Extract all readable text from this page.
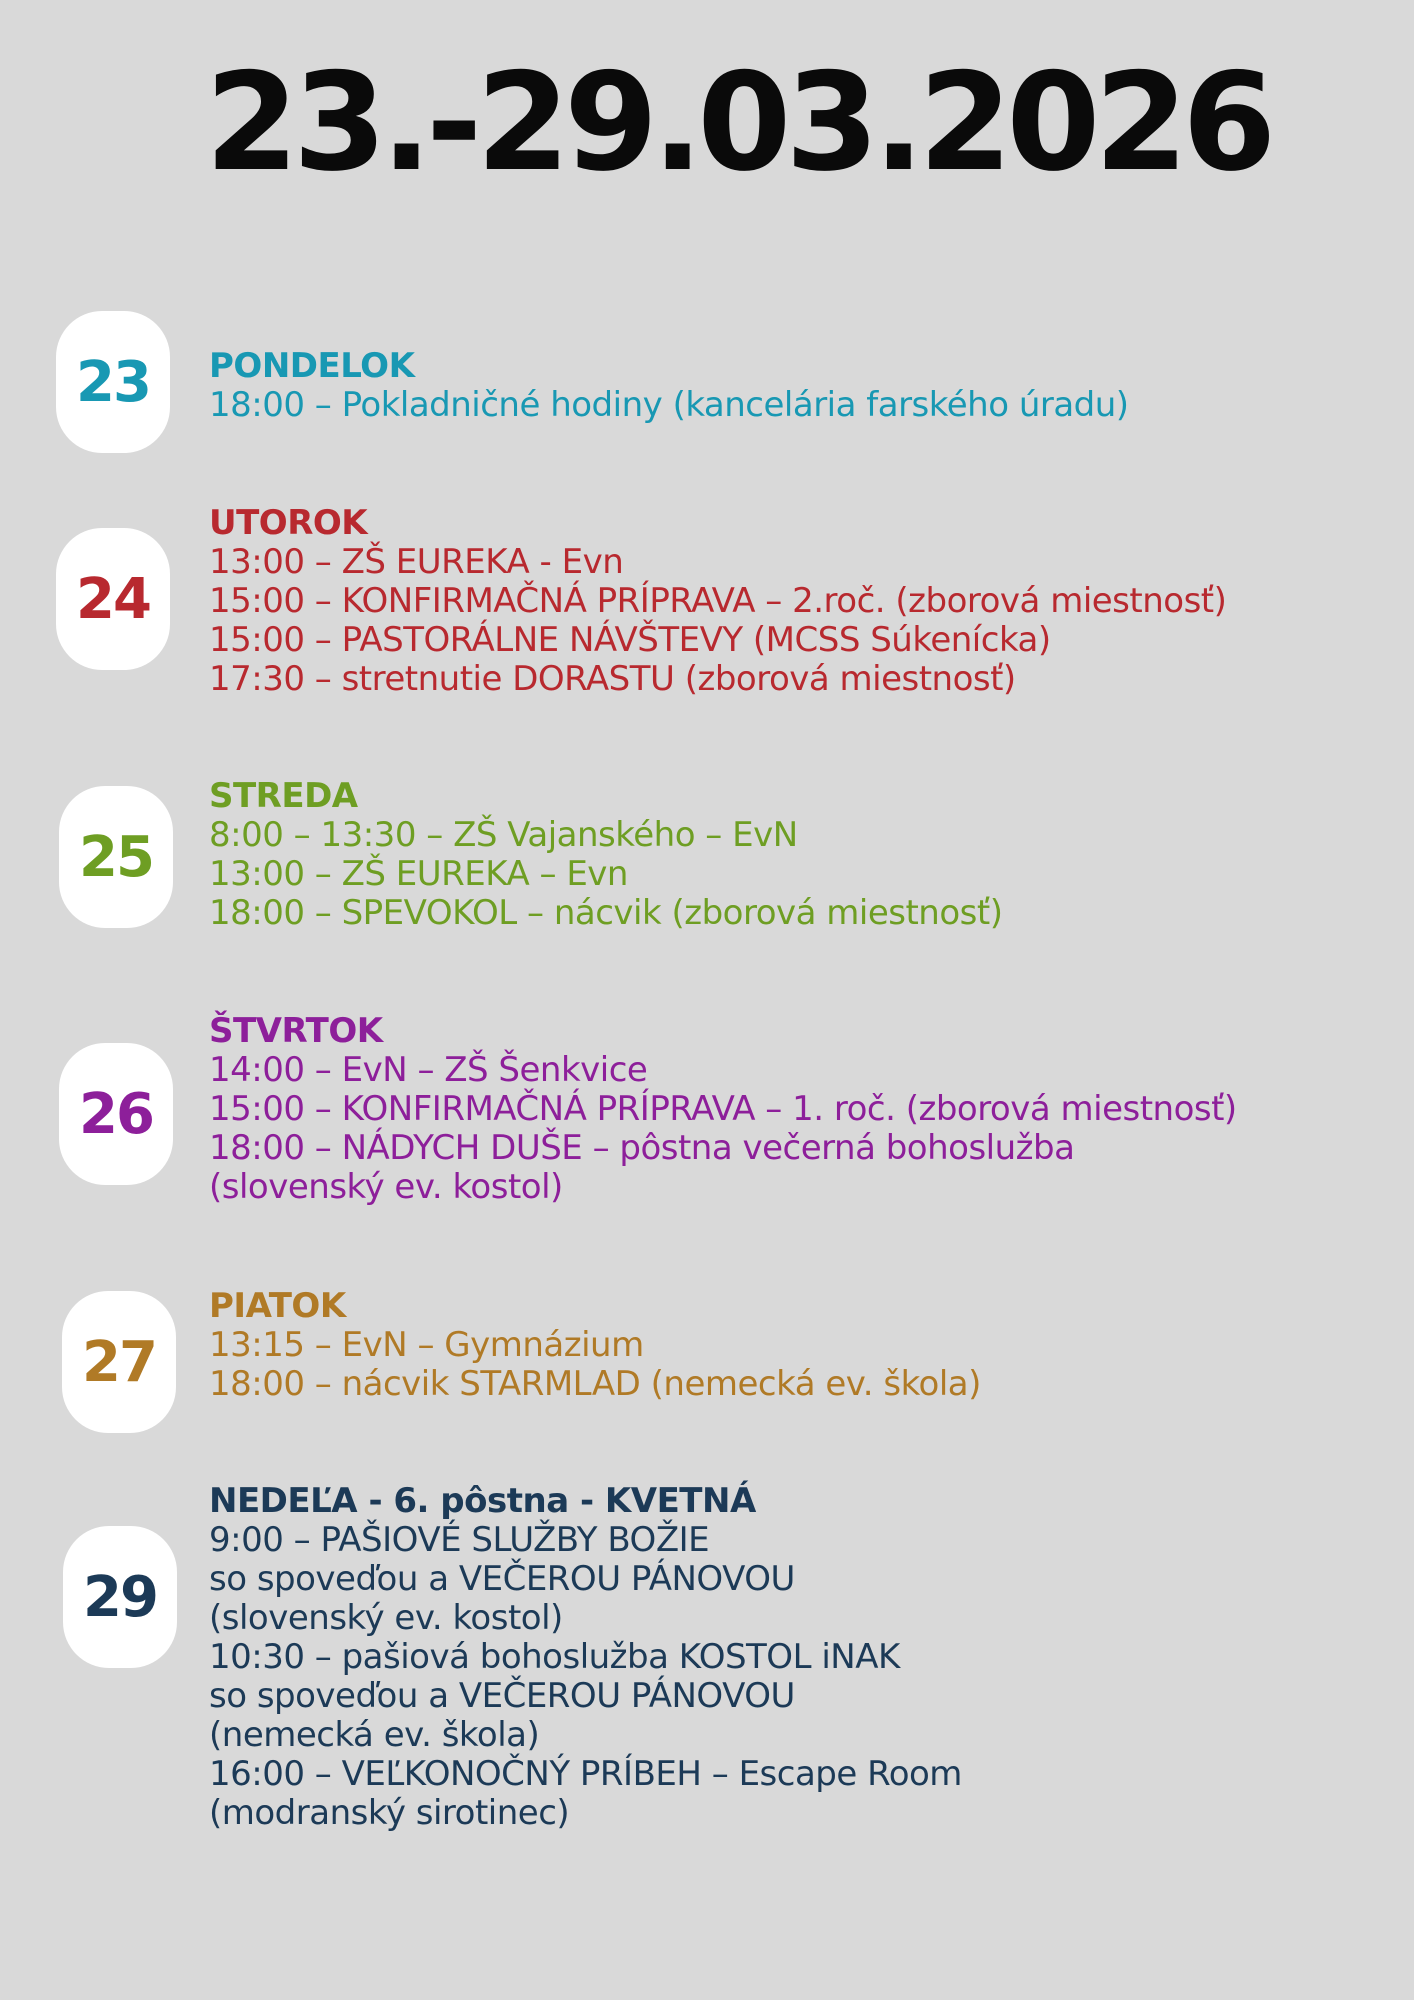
23.-29.03.2026
23	PONDELOK
18:00 – Pokladničné hodiny (kancelária farského úradu)
24
UTOROK
13:00 – ZŠ EUREKA - Evn
15:00 – KONFIRMAČNÁ PRÍPRAVA – 2.roč. (zborová miestnosť)
15:00 – PASTORÁLNE NÁVŠTEVY (MCSS Súkenícka)
17:30 – stretnutie DORASTU (zborová miestnosť)
25
STREDA
8:00 – 13:30 – ZŠ Vajanského – EvN
13:00 – ZŠ EUREKA – Evn
18:00 – SPEVOKOL – nácvik (zborová miestnosť)
26
ŠTVRTOK
14:00 – EvN – ZŠ Šenkvice
15:00 – KONFIRMAČNÁ PRÍPRAVA – 1. roč. (zborová miestnosť)
18:00 – NÁDYCH DUŠE – pôstna večerná bohoslužba
(slovenský ev. kostol)
27
PIATOK
13:15 – EvN – Gymnázium
18:00 – nácvik STARMLAD (nemecká ev. škola)
29
NEDEĽA - 6. pôstna - KVETNÁ
9:00 – PAŠIOVÉ SLUŽBY BOŽIE
so spoveďou a VEČEROU PÁNOVOU
(slovenský ev. kostol)
10:30 – pašiová bohoslužba KOSTOL iNAK
so spoveďou a VEČEROU PÁNOVOU
(nemecká ev. škola)
16:00 – VEĽKONOČNÝ PRÍBEH – Escape Room
(modranský sirotinec)
